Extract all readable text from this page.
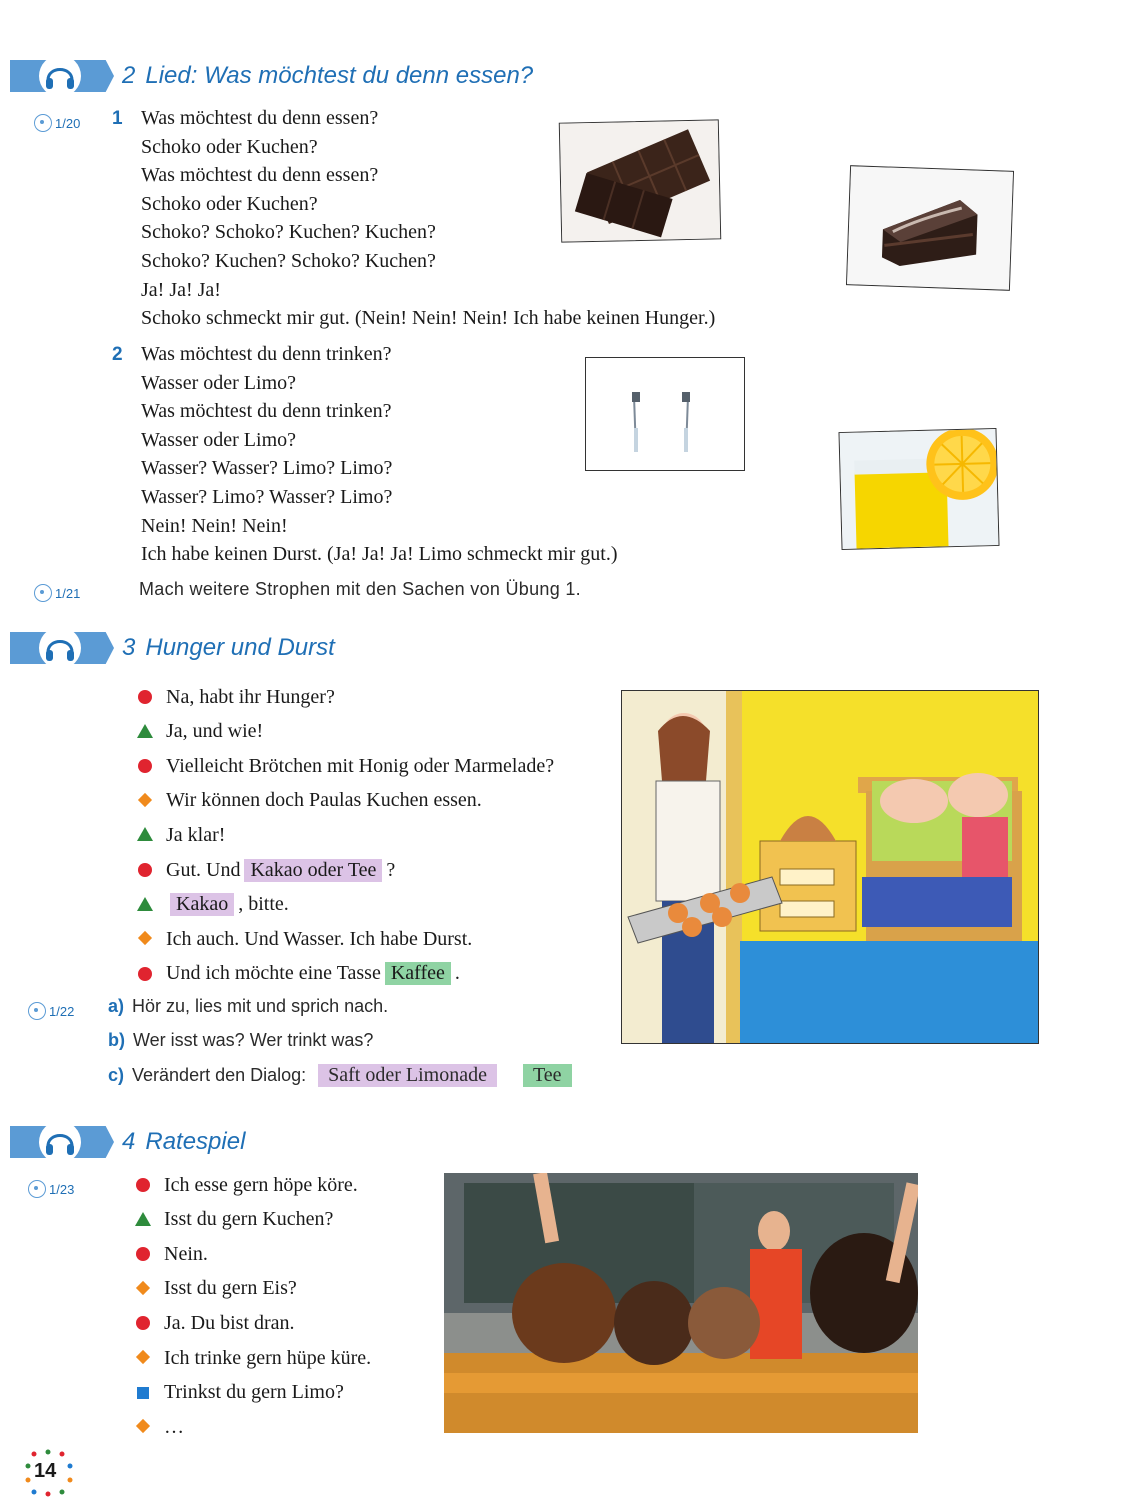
2 Lied: Was möchtest du denn essen?
1/20 1 Was möchtest du denn essen?
Schoko oder Kuchen?
Was möchtest du denn essen?
Schoko oder Kuchen?
Schoko? Schoko? Kuchen? Kuchen?
Schoko? Kuchen? Schoko? Kuchen?
Ja! Ja! Ja!
Schoko schmeckt mir gut. (Nein! Nein! Nein! Ich habe keinen Hunger.)
2 Was möchtest du denn trinken?
Wasser oder Limo?
Was möchtest du denn trinken?
Wasser oder Limo?
Wasser? Wasser? Limo? Limo?
Wasser? Limo? Wasser? Limo?
Nein! Nein! Nein!
Ich habe keinen Durst. (Ja! Ja! Ja! Limo schmeckt mir gut.)
1/21	Mach weitere Strophen mit den Sachen von Übung 1.
3 Hunger und Durst
Na, habt ihr Hunger?
Ja, und wie!
Vielleicht Brötchen mit Honig oder Marmelade?
Wir können doch Paulas Kuchen essen.
Ja klar!
Gut. Und Kakao oder Tee ?
Kakao , bitte.
Ich auch. Und Wasser. Ich habe Durst.
Und ich möchte eine Tasse Kaffee .
1/22 a) Hör zu, lies mit und sprich nach.
b) Wer isst was? Wer trinkt was?
c) Verändert den Dialog:	Saft oder Limonade	Tee
4 Ratespiel
1/23	Ich esse gern höpe köre.
Isst du gern Kuchen?
Nein.
Isst du gern Eis?
Ja. Du bist dran.
Ich trinke gern hüpe küre.
Trinkst du gern Limo?
…
14
